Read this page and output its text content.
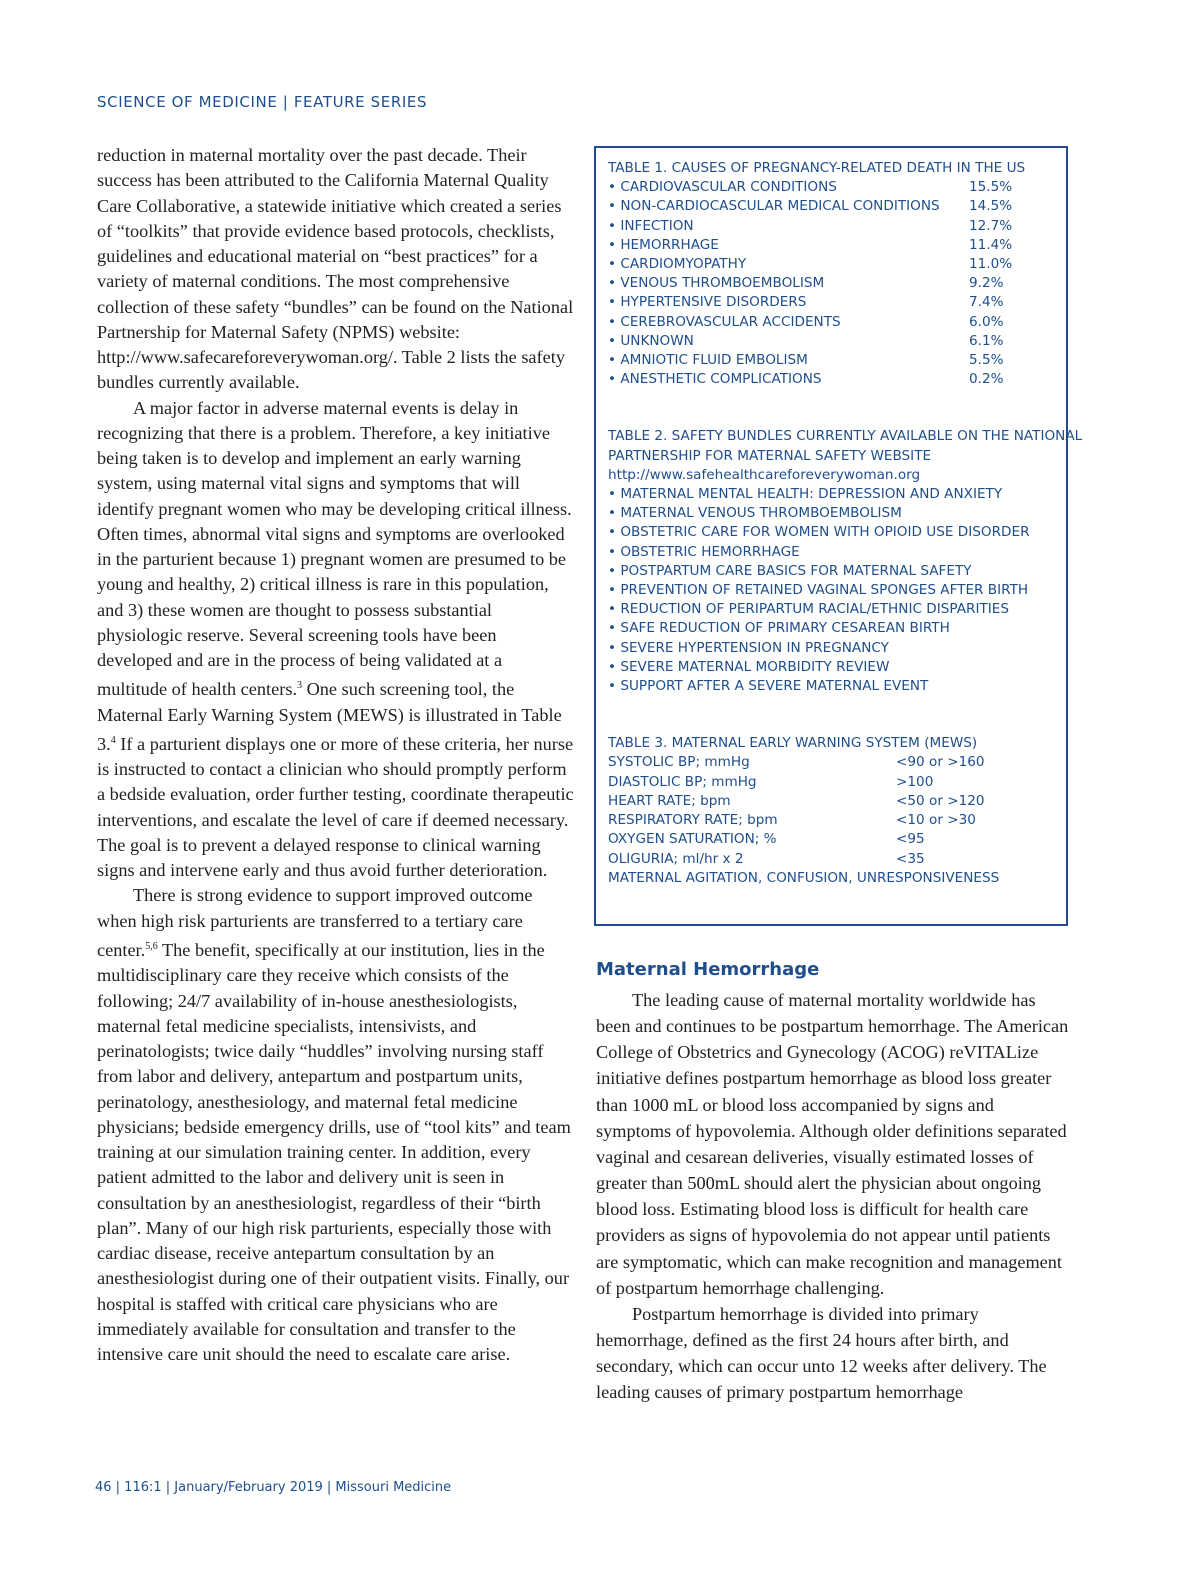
SCIENCE OF MEDICINE | FEATURE SERIES

reduction in maternal mortality over the past decade. Their success has been attributed to the California Maternal Quality Care Collaborative, a statewide initiative which created a series of “toolkits” that provide evidence based protocols, checklists, guidelines and educational material on “best practices” for a variety of maternal conditions. The most comprehensive collection of these safety “bundles” can be found on the National Partnership for Maternal Safety (NPMS) website: http://www.safecareforeverywoman.org/. Table 2 lists the safety bundles currently available.

A major factor in adverse maternal events is delay in recognizing that there is a problem. Therefore, a key initiative being taken is to develop and implement an early warning system, using maternal vital signs and symptoms that will identify pregnant women who may be developing critical illness. Often times, abnormal vital signs and symptoms are overlooked in the parturient because 1) pregnant women are presumed to be young and healthy, 2) critical illness is rare in this population, and 3) these women are thought to possess substantial physiologic reserve. Several screening tools have been developed and are in the process of being validated at a multitude of health centers.$^3$ One such screening tool, the Maternal Early Warning System (MEWS) is illustrated in Table 3.$^4$ If a parturient displays one or more of these criteria, her nurse is instructed to contact a clinician who should promptly perform a bedside evaluation, order further testing, coordinate therapeutic interventions, and escalate the level of care if deemed necessary. The goal is to prevent a delayed response to clinical warning signs and intervene early and thus avoid further deterioration.

There is strong evidence to support improved outcome when high risk parturients are transferred to a tertiary care center.$^{5,6}$ The benefit, specifically at our institution, lies in the multidisciplinary care they receive which consists of the following; 24/7 availability of in-house anesthesiologists, maternal fetal medicine specialists, intensivists, and perinatologists; twice daily “huddles” involving nursing staff from labor and delivery, antepartum and postpartum units, perinatology, anesthesiology, and maternal fetal medicine physicians; bedside emergency drills, use of “tool kits” and team training at our simulation training center. In addition, every patient admitted to the labor and delivery unit is seen in consultation by an anesthesiologist, regardless of their “birth plan”. Many of our high risk parturients, especially those with cardiac disease, receive antepartum consultation by an anesthesiologist during one of their outpatient visits. Finally, our hospital is staffed with critical care physicians who are immediately available for consultation and transfer to the intensive care unit should the need to escalate care arise.

TABLE 1. CAUSES OF PREGNANCY-RELATED DEATH IN THE US
• CARDIOVASCULAR CONDITIONS	15.5%
• NON-CARDIOCASCULAR MEDICAL CONDITIONS	14.5%
• INFECTION	12.7%
• HEMORRHAGE	11.4%
• CARDIOMYOPATHY	11.0%
• VENOUS THROMBOEMBOLISM	9.2%
• HYPERTENSIVE DISORDERS	7.4%
• CEREBROVASCULAR ACCIDENTS	6.0%
• UNKNOWN	6.1%
• AMNIOTIC FLUID EMBOLISM	5.5%
• ANESTHETIC COMPLICATIONS	0.2%
TABLE 2. SAFETY BUNDLES CURRENTLY AVAILABLE ON THE NATIONAL
PARTNERSHIP FOR MATERNAL SAFETY WEBSITE
http://www.safehealthcareforeverywoman.org
• MATERNAL MENTAL HEALTH: DEPRESSION AND ANXIETY
• MATERNAL VENOUS THROMBOEMBOLISM
• OBSTETRIC CARE FOR WOMEN WITH OPIOID USE DISORDER
• OBSTETRIC HEMORRHAGE
• POSTPARTUM CARE BASICS FOR MATERNAL SAFETY
• PREVENTION OF RETAINED VAGINAL SPONGES AFTER BIRTH
• REDUCTION OF PERIPARTUM RACIAL/ETHNIC DISPARITIES
• SAFE REDUCTION OF PRIMARY CESAREAN BIRTH
• SEVERE HYPERTENSION IN PREGNANCY
• SEVERE MATERNAL MORBIDITY REVIEW
• SUPPORT AFTER A SEVERE MATERNAL EVENT
TABLE 3. MATERNAL EARLY WARNING SYSTEM (MEWS)
SYSTOLIC BP; mmHg	<90 or >160
DIASTOLIC BP; mmHg	>100
HEART RATE; bpm	<50 or >120
RESPIRATORY RATE; bpm	<10 or >30
OXYGEN SATURATION; %	<95
OLIGURIA; ml/hr x 2	<35
MATERNAL AGITATION, CONFUSION, UNRESPONSIVENESS
Maternal Hemorrhage

The leading cause of maternal mortality worldwide has been and continues to be postpartum hemorrhage. The American College of Obstetrics and Gynecology (ACOG) reVITALize initiative defines postpartum hemorrhage as blood loss greater than 1000 mL or blood loss accompanied by signs and symptoms of hypovolemia. Although older definitions separated vaginal and cesarean deliveries, visually estimated losses of greater than 500mL should alert the physician about ongoing blood loss. Estimating blood loss is difficult for health care providers as signs of hypovolemia do not appear until patients are symptomatic, which can make recognition and management of postpartum hemorrhage challenging.

Postpartum hemorrhage is divided into primary hemorrhage, defined as the first 24 hours after birth, and secondary, which can occur unto 12 weeks after delivery. The leading causes of primary postpartum hemorrhage

46 | 116:1 | January/February 2019 | Missouri Medicine
